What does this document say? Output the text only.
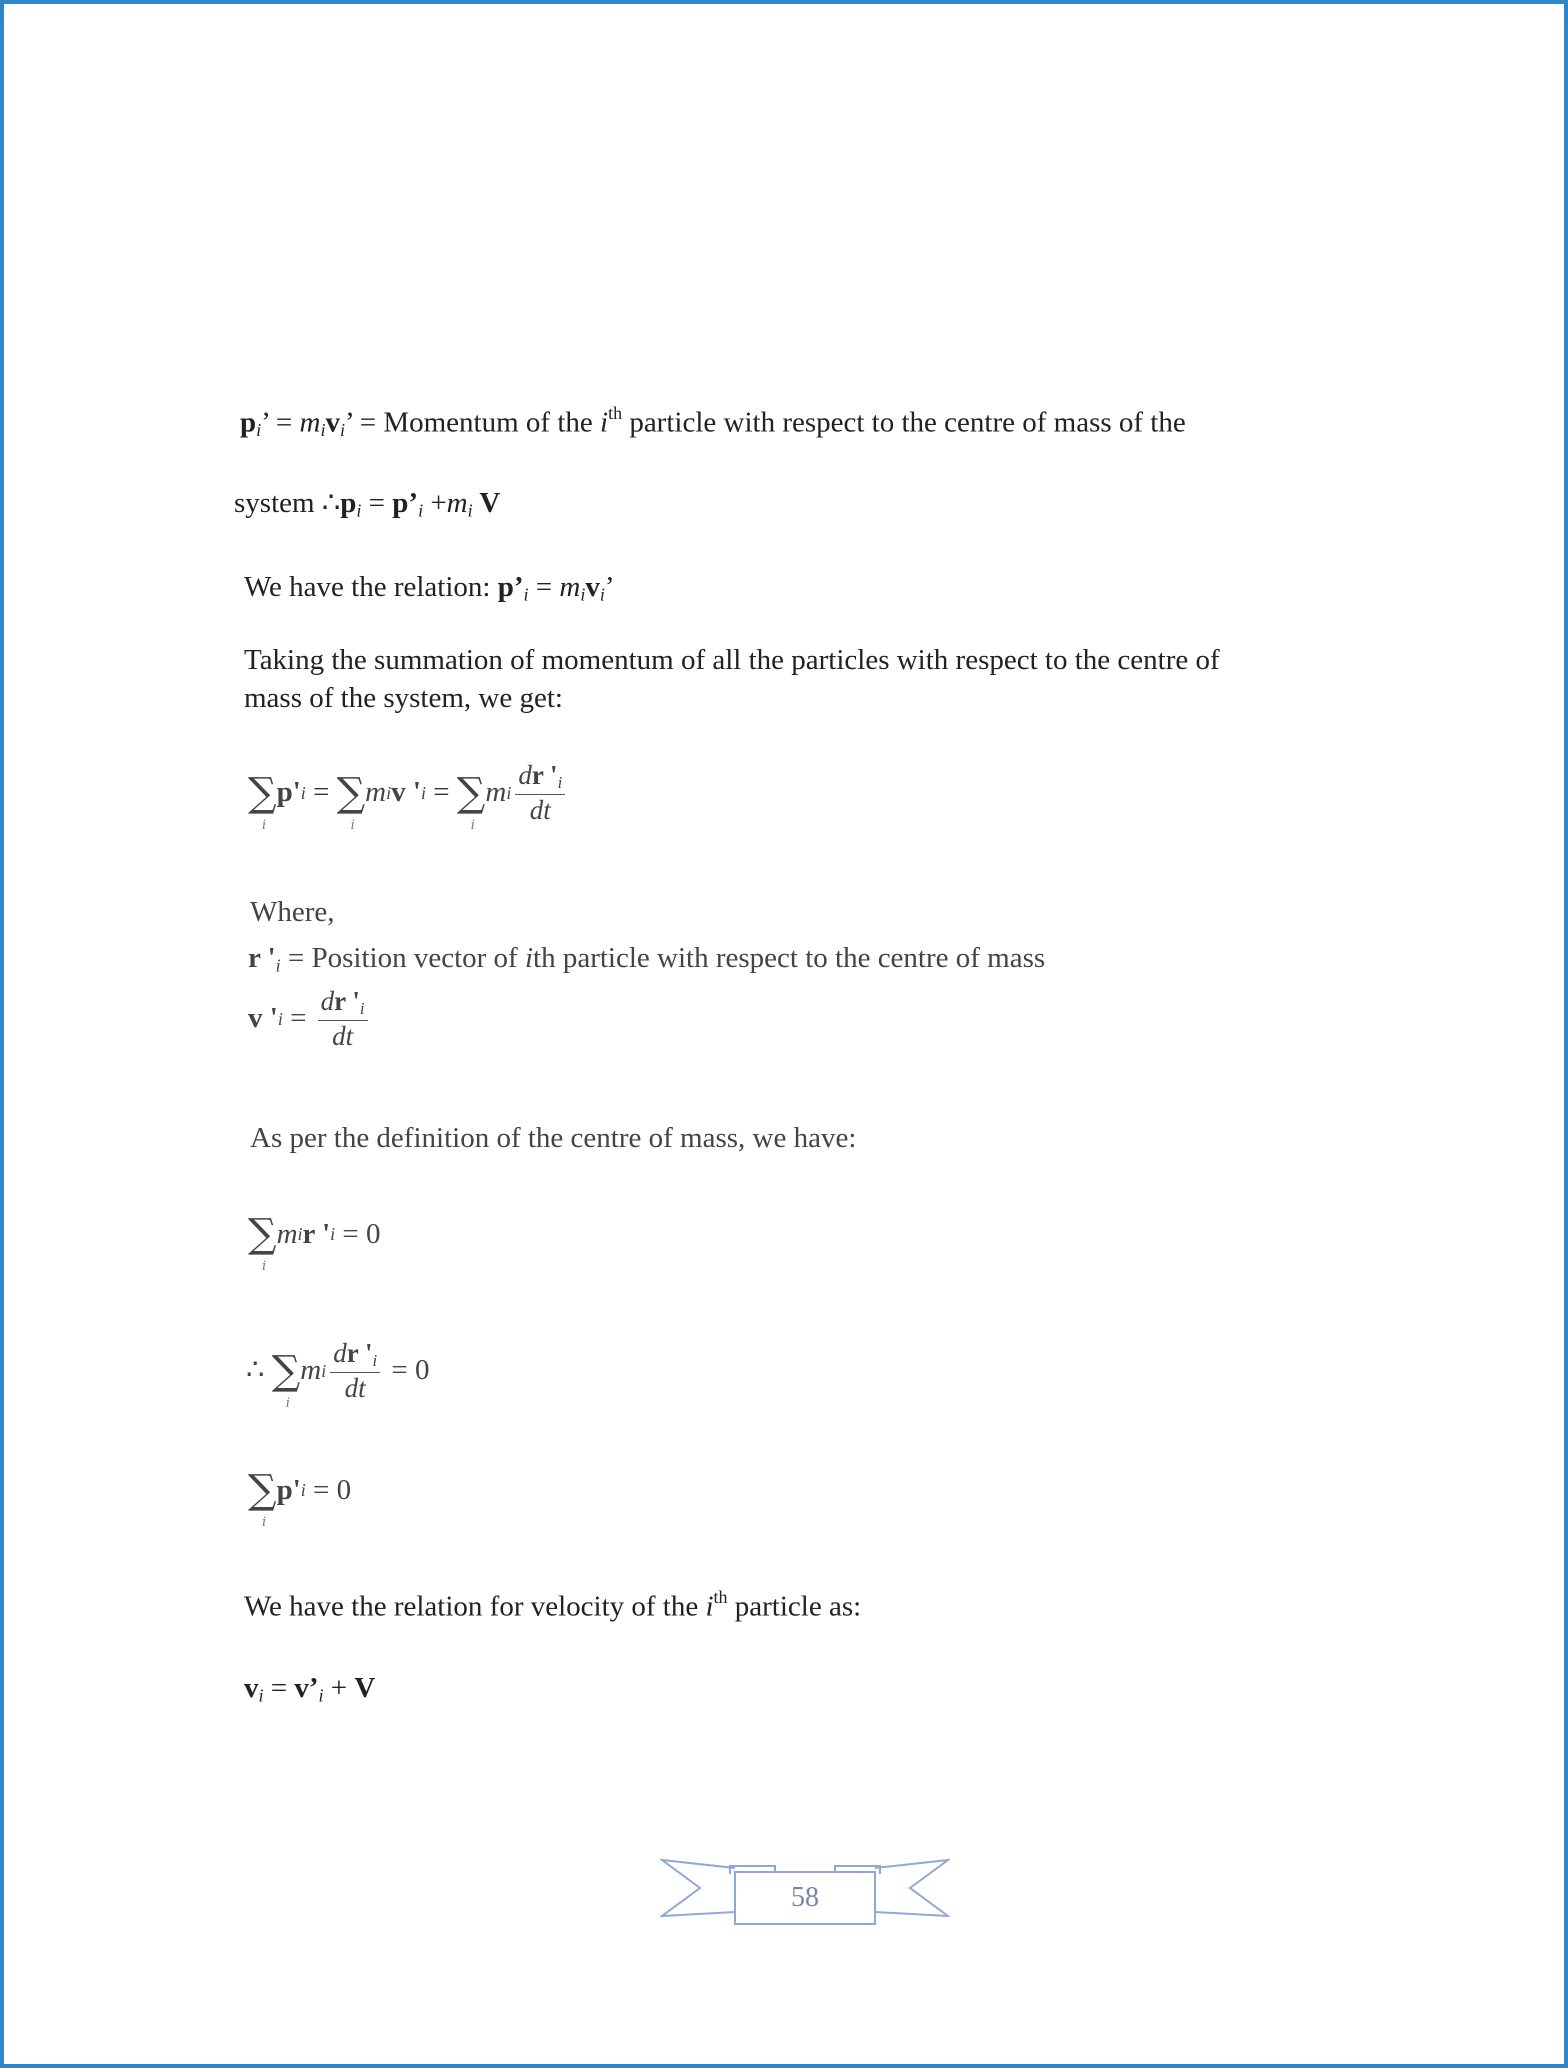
$p_i$’ = $m_iv_i$’ = Momentum of the $i^{th}$ particle with respect to the centre of mass of the
system $\therefore p_i$ = $p’_i +m_i$ V
We have the relation: $p’_i = m_iv_i$’
Taking the summation of momentum of all the particles with respect to the centre of
mass of the system, we get:
∑
i
p' i = ∑
i
m i v ' i = ∑
i
m i $\frac{dr '_i}{dt}$
Where,
r '$_i$ = Position vector of ith particle with respect to the centre of mass
v ' $i = \frac{dr '_i}{dt}$
As per the definition of the centre of mass, we have:
∑
i
m i r ' i = 0
∴ ∑
i
m i $\frac{dr '_i}{dt} = 0$
∑
i
p' i = 0
We have the relation for velocity of the $i^{th}$ particle as:
$v_i$ = $v’_i + V$
58
